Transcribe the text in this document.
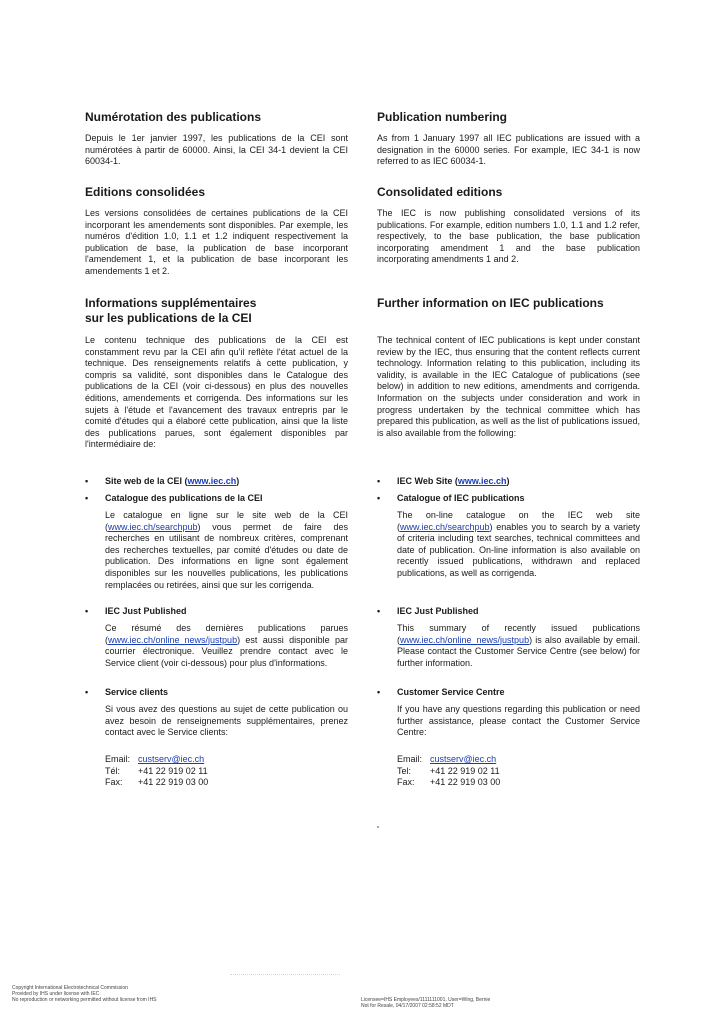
Numérotation des publications

Depuis le 1er janvier 1997, les publications de la CEI sont numérotées à partir de 60000. Ainsi, la CEI 34-1 devient la CEI 60034-1.

Editions consolidées

Les versions consolidées de certaines publications de la CEI incorporant les amendements sont disponibles. Par exemple, les numéros d'édition 1.0, 1.1 et 1.2 indiquent respectivement la publication de base, la publication de base incorporant l'amendement 1, et la publication de base incorporant les amendements 1 et 2.

Informations supplémentaires
sur les publications de la CEI

Le contenu technique des publications de la CEI est constamment revu par la CEI afin qu'il reflète l'état actuel de la technique. Des renseignements relatifs à cette publication, y compris sa validité, sont disponibles dans le Catalogue des publications de la CEI (voir ci-dessous) en plus des nouvelles éditions, amendements et corrigenda. Des informations sur les sujets à l'étude et l'avancement des travaux entrepris par le comité d'études qui a élaboré cette publication, ainsi que la liste des publications parues, sont également disponibles par l'intermédiaire de:

• Site web de la CEI (www.iec.ch)
• Catalogue des publications de la CEI
Le catalogue en ligne sur le site web de la CEI (www.iec.ch/searchpub) vous permet de faire des recherches en utilisant de nombreux critères, comprenant des recherches textuelles, par comité d'études ou date de publication. Des informations en ligne sont également disponibles sur les nouvelles publications, les publications remplacées ou retirées, ainsi que sur les corrigenda.
• IEC Just Published
Ce résumé des dernières publications parues (www.iec.ch/online_news/justpub) est aussi disponible par courrier électronique. Veuillez prendre contact avec le Service client (voir ci-dessous) pour plus d'informations.
• Service clients
Si vous avez des questions au sujet de cette publication ou avez besoin de renseignements supplémentaires, prenez contact avec le Service clients:
Email: custserv@iec.ch
Tél: +41 22 919 02 11
Fax: +41 22 919 03 00
Publication numbering

As from 1 January 1997 all IEC publications are issued with a designation in the 60000 series. For example, IEC 34-1 is now referred to as IEC 60034-1.

Consolidated editions

The IEC is now publishing consolidated versions of its publications. For example, edition numbers 1.0, 1.1 and 1.2 refer, respectively, to the base publication, the base publication incorporating amendment 1 and the base publication incorporating amendments 1 and 2.

Further information on IEC publications

The technical content of IEC publications is kept under constant review by the IEC, thus ensuring that the content reflects current technology. Information relating to this publication, including its validity, is available in the IEC Catalogue of publications (see below) in addition to new editions, amendments and corrigenda. Information on the subjects under consideration and work in progress undertaken by the technical committee which has prepared this publication, as well as the list of publications issued, is also available from the following:

• IEC Web Site (www.iec.ch)
• Catalogue of IEC publications
The on-line catalogue on the IEC web site (www.iec.ch/searchpub) enables you to search by a variety of criteria including text searches, technical committees and date of publication. On-line information is also available on recently issued publications, withdrawn and replaced publications, as well as corrigenda.
• IEC Just Published
This summary of recently issued publications (www.iec.ch/online_news/justpub) is also available by email. Please contact the Customer Service Centre (see below) for further information.
• Customer Service Centre
If you have any questions regarding this publication or need further assistance, please contact the Customer Service Centre:
Email: custserv@iec.ch
Tel: +41 22 919 02 11
Fax: +41 22 919 03 00
Copyright International Electrotechnical Commission
Provided by IHS under license with IEC
No reproduction or networking permitted without license from IHS	Licensee=IHS Employees/1111111001, User=Wing, Bernie
Not for Resale, 04/17/2007 02:58:52 MDT
